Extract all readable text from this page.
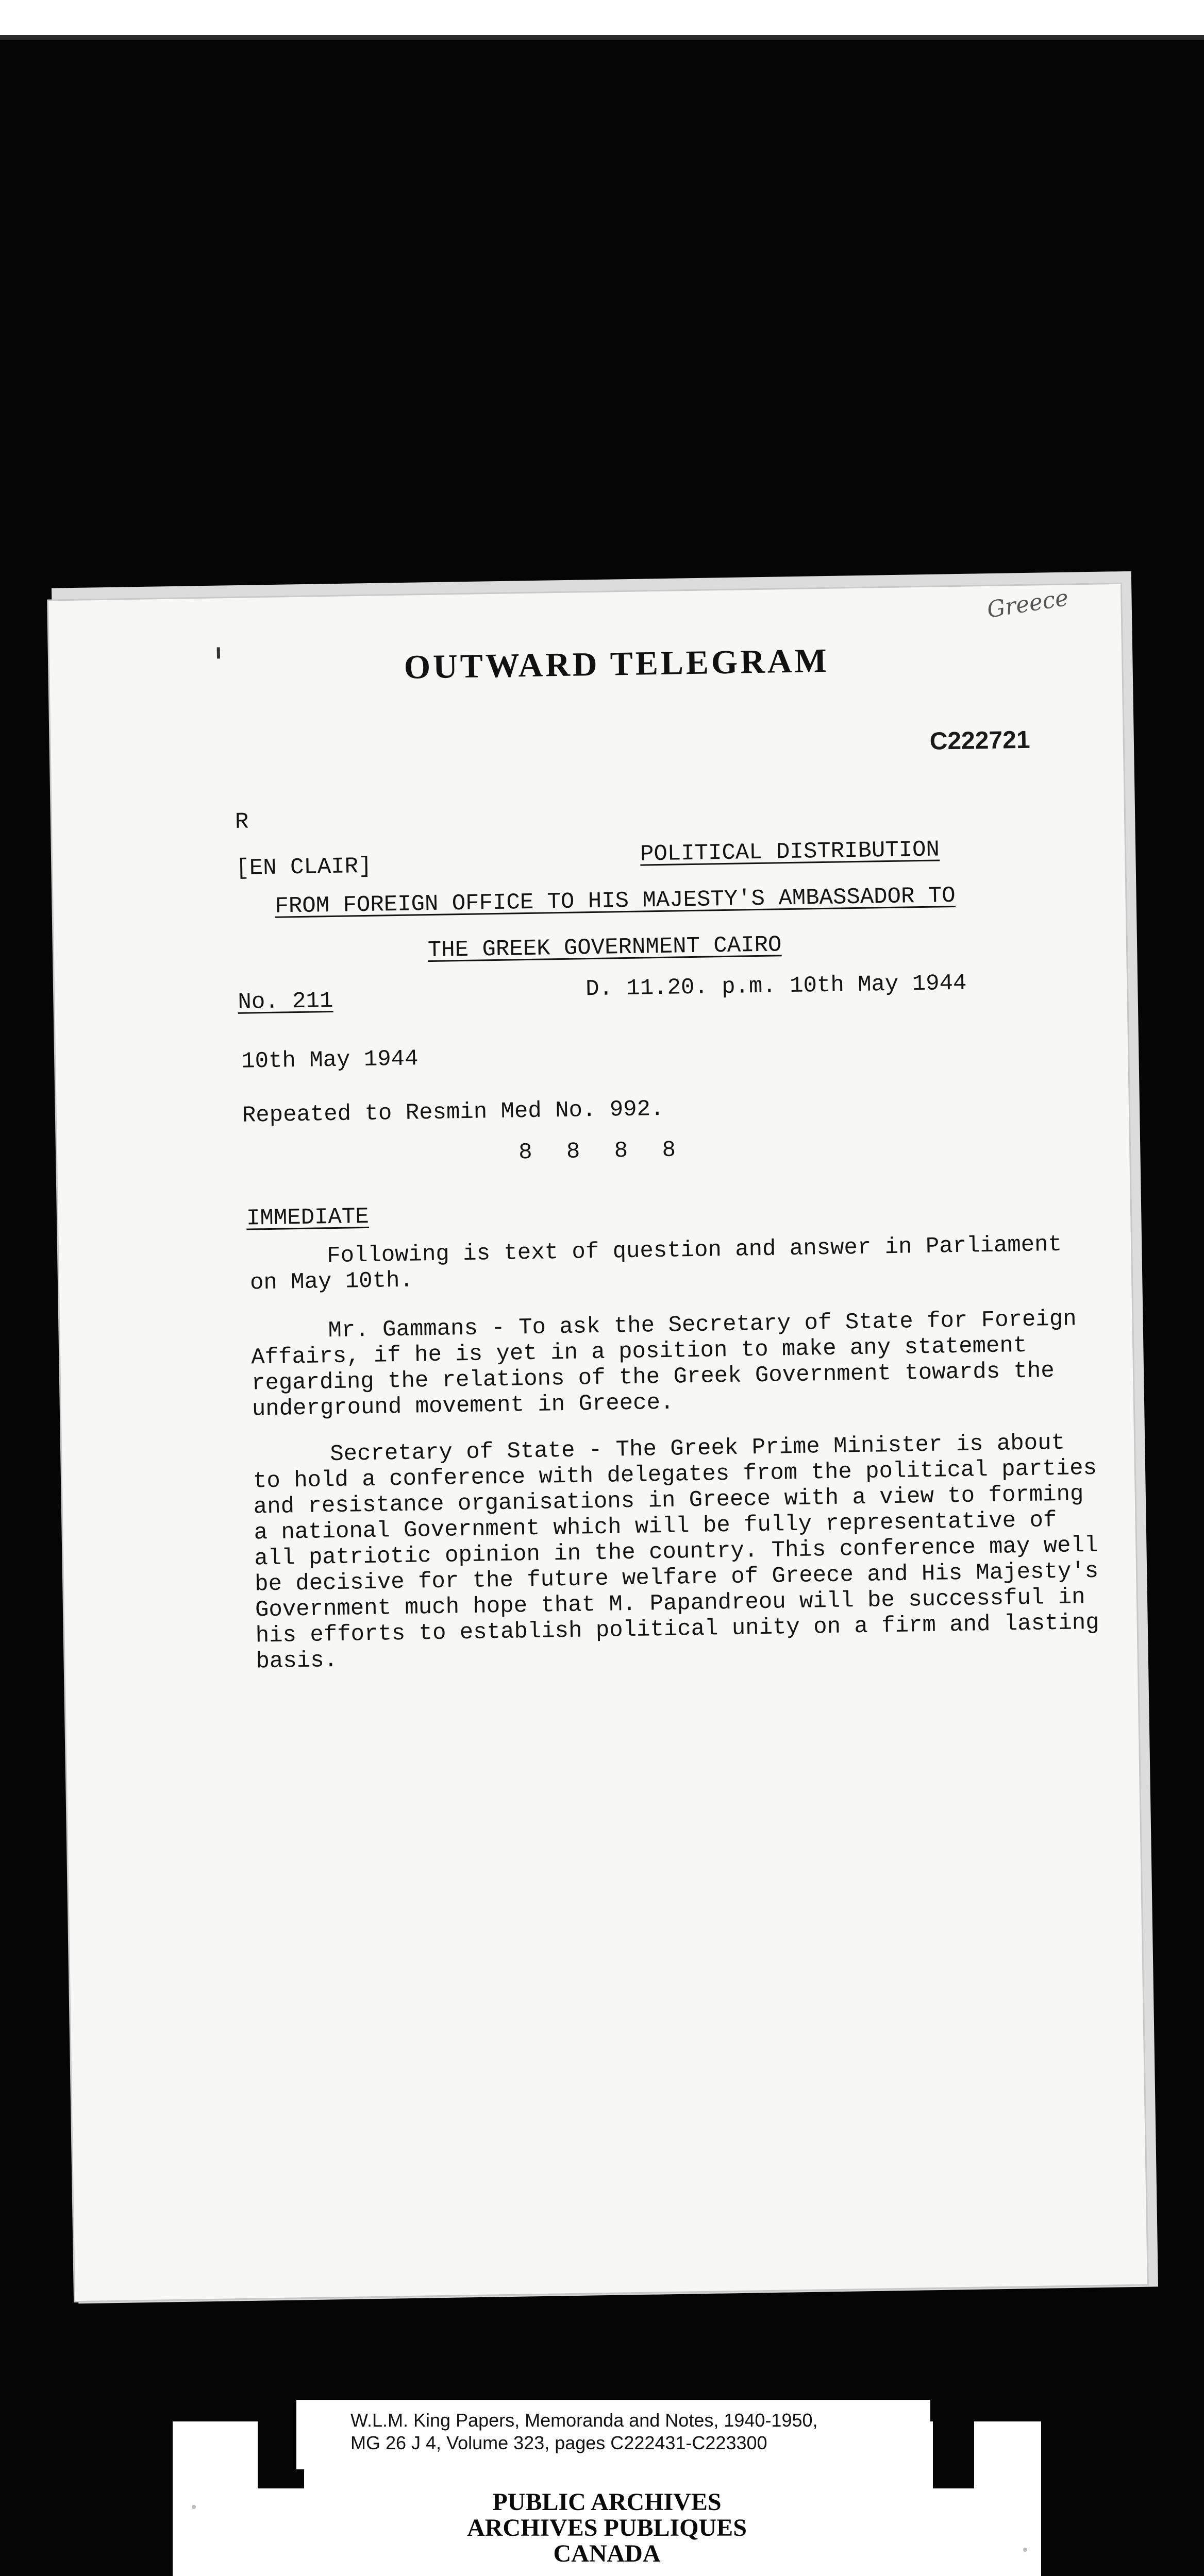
Greece
OUTWARD TELEGRAM
C222721
R
[EN CLAIR]
POLITICAL DISTRIBUTION
FROM FOREIGN OFFICE TO HIS MAJESTY'S AMBASSADOR TO
THE GREEK GOVERNMENT CAIRO
No. 211	D. 11.20. p.m. 10th May 1944
10th May 1944
Repeated to Resmin Med No. 992.
8 8 8 8
IMMEDIATE
Following is text of question and answer in Parliament on May 10th.
Mr. Gammans - To ask the Secretary of State for Foreign Affairs, if he is yet in a position to make any statement regarding the relations of the Greek Government towards the underground movement in Greece.
Secretary of State - The Greek Prime Minister is about to hold a conference with delegates from the political parties and resistance organisations in Greece with a view to forming a national Government which will be fully representative of all patriotic opinion in the country. This conference may well be decisive for the future welfare of Greece and His Majesty's Government much hope that M. Papandreou will be successful in his efforts to establish political unity on a firm and lasting basis.
W.L.M. King Papers, Memoranda and Notes, 1940-1950,
MG 26 J 4, Volume 323, pages C222431-C223300
PUBLIC ARCHIVES
ARCHIVES PUBLIQUES
CANADA
